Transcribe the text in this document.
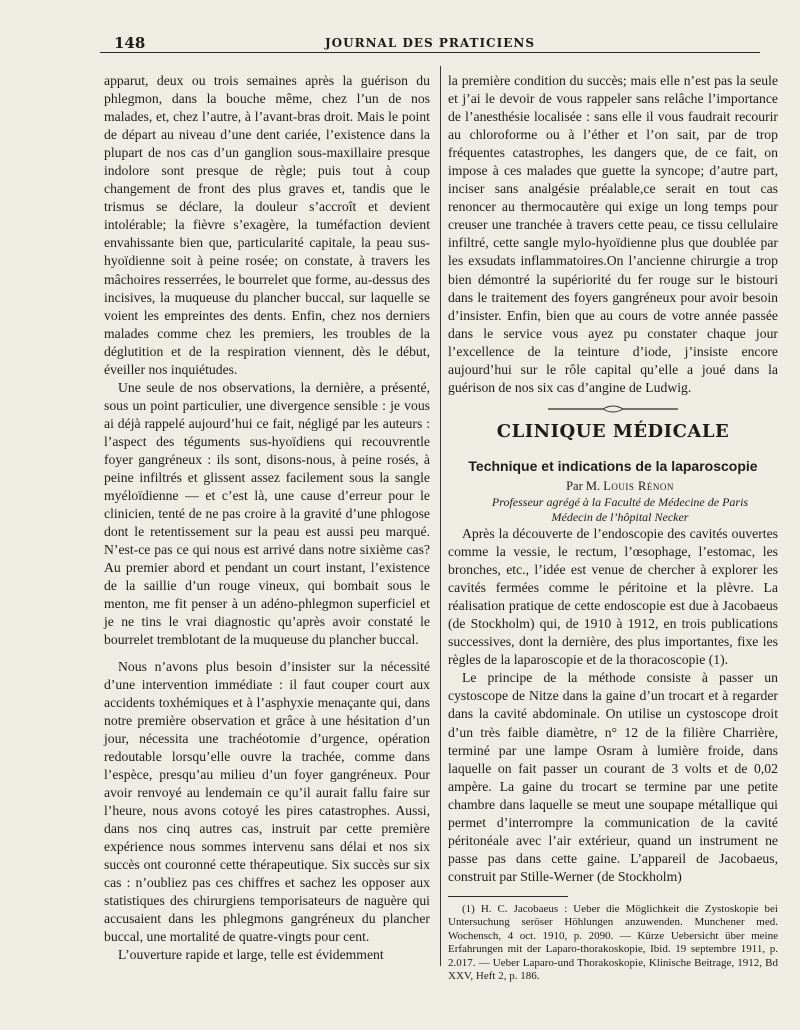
148	JOURNAL DES PRATICIENS

apparut, deux ou trois semaines après la guérison du phlegmon, dans la bouche même, chez l’un de nos malades, et, chez l’autre, à l’avant-bras droit. Mais le point de départ au niveau d’une dent cariée, l’existence dans la plupart de nos cas d’un ganglion sous-maxillaire presque indolore sont presque de règle; puis tout à coup changement de front des plus graves et, tandis que le trismus se déclare, la douleur s’accroît et devient intolérable; la fièvre s’exagère, la tuméfaction devient envahissante bien que, particularité capitale, la peau sus-hyoïdienne soit à peine rosée; on constate, à travers les mâchoires resserrées, le bourrelet que forme, au-dessus des incisives, la muqueuse du plancher buccal, sur laquelle se voient les empreintes des dents. Enfin, chez nos derniers malades comme chez les premiers, les troubles de la déglutition et de la respiration viennent, dès le début, éveiller nos inquiétudes.

Une seule de nos observations, la dernière, a présenté, sous un point particulier, une divergence sensible : je vous ai déjà rappelé aujourd’hui ce fait, négligé par les auteurs : l’aspect des téguments sus-hyoïdiens qui recouvrentle foyer gangréneux : ils sont, disons-nous, à peine rosés, à peine infiltrés et glissent assez facilement sous la sangle myéloïdienne — et c’est là, une cause d’erreur pour le clinicien, tenté de ne pas croire à la gravité d’une phlogose dont le retentissement sur la peau est aussi peu marqué. N’est-ce pas ce qui nous est arrivé dans notre sixième cas? Au premier abord et pendant un court instant, l’existence de la saillie d’un rouge vineux, qui bombait sous le menton, me fit penser à un adéno-phlegmon superficiel et je ne tins le vrai diagnostic qu’après avoir constaté le bourrelet tremblotant de la muqueuse du plancher buccal.

Nous n’avons plus besoin d’insister sur la nécessité d’une intervention immédiate : il faut couper court aux accidents toxhémiques et à l’asphyxie menaçante qui, dans notre première observation et grâce à une hésitation d’un jour, nécessita une trachéotomie d’urgence, opération redoutable lorsqu’elle ouvre la trachée, comme dans l’espèce, presqu’au milieu d’un foyer gangréneux. Pour avoir renvoyé au lendemain ce qu’il aurait fallu faire sur l’heure, nous avons cotoyé les pires catastrophes. Aussi, dans nos cinq autres cas, instruit par cette première expérience nous sommes intervenu sans délai et nos six succès ont couronné cette thérapeutique. Six succès sur six cas : n’oubliez pas ces chiffres et sachez les opposer aux statistiques des chirurgiens temporisateurs de naguère qui accusaient dans les phlegmons gangréneux du plancher buccal, une mortalité de quatre-vingts pour cent.

L’ouverture rapide et large, telle est évidemment

la première condition du succès; mais elle n’est pas la seule et j’ai le devoir de vous rappeler sans relâche l’importance de l’anesthésie localisée : sans elle il vous faudrait recourir au chloroforme ou à l’éther et l’on sait, par de trop fréquentes catastrophes, les dangers que, de ce fait, on impose à ces malades que guette la syncope; d’autre part, inciser sans analgésie préalable,ce serait en tout cas renoncer au thermocautère qui exige un long temps pour creuser une tranchée à travers cette peau, ce tissu cellulaire infiltré, cette sangle mylo-hyoïdienne plus que doublée par les exsudats inflammatoires.On l’ancienne chirurgie a trop bien démontré la supériorité du fer rouge sur le bistouri dans le traitement des foyers gangréneux pour avoir besoin d’insister. Enfin, bien que au cours de votre année passée dans le service vous ayez pu constater chaque jour l’excellence de la teinture d’iode, j’insiste encore aujourd’hui sur le rôle capital qu’elle a joué dans la guérison de nos six cas d’angine de Ludwig.

CLINIQUE MÉDICALE
Technique et indications de la laparoscopie

Par M. Louis Rénon

Professeur agrégé à la Faculté de Médecine de Paris

Médecin de l’hôpital Necker

Après la découverte de l’endoscopie des cavités ouvertes comme la vessie, le rectum, l’œsophage, l’estomac, les bronches, etc., l’idée est venue de chercher à explorer les cavités fermées comme le péritoine et la plèvre. La réalisation pratique de cette endoscopie est due à Jacobaeus (de Stockholm) qui, de 1910 à 1912, en trois publications successives, dont la dernière, des plus importantes, fixe les règles de la laparoscopie et de la thoracoscopie (1).

Le principe de la méthode consiste à passer un cystoscope de Nitze dans la gaine d’un trocart et à regarder dans la cavité abdominale. On utilise un cystoscope droit d’un très faible diamètre, n° 12 de la filière Charrière, terminé par une lampe Osram à lumière froide, dans laquelle on fait passer un courant de 3 volts et de 0,02 ampère. La gaine du trocart se termine par une petite chambre dans laquelle se meut une soupape métallique qui permet d’interrompre la communication de la cavité péritonéale avec l’air extérieur, quand un instrument ne passe pas dans cette gaine. L’appareil de Jacobaeus, construit par Stille-Werner (de Stockholm)

(1) H. C. Jacobaeus : Ueber die Möglichkeit die Zystoskopie bei Untersuchung seröser Höhlungen anzuwenden. Munchener med. Wochensch, 4 oct. 1910, p. 2090. — Kürze Uebersicht über meine Erfahrungen mit der Laparo-thorakoskopie, Ibid. 19 septembre 1911, p. 2.017. — Ueber Laparo-und Thorakoskopie, Klinische Beitrage, 1912, Bd XXV, Heft 2, p. 186.
